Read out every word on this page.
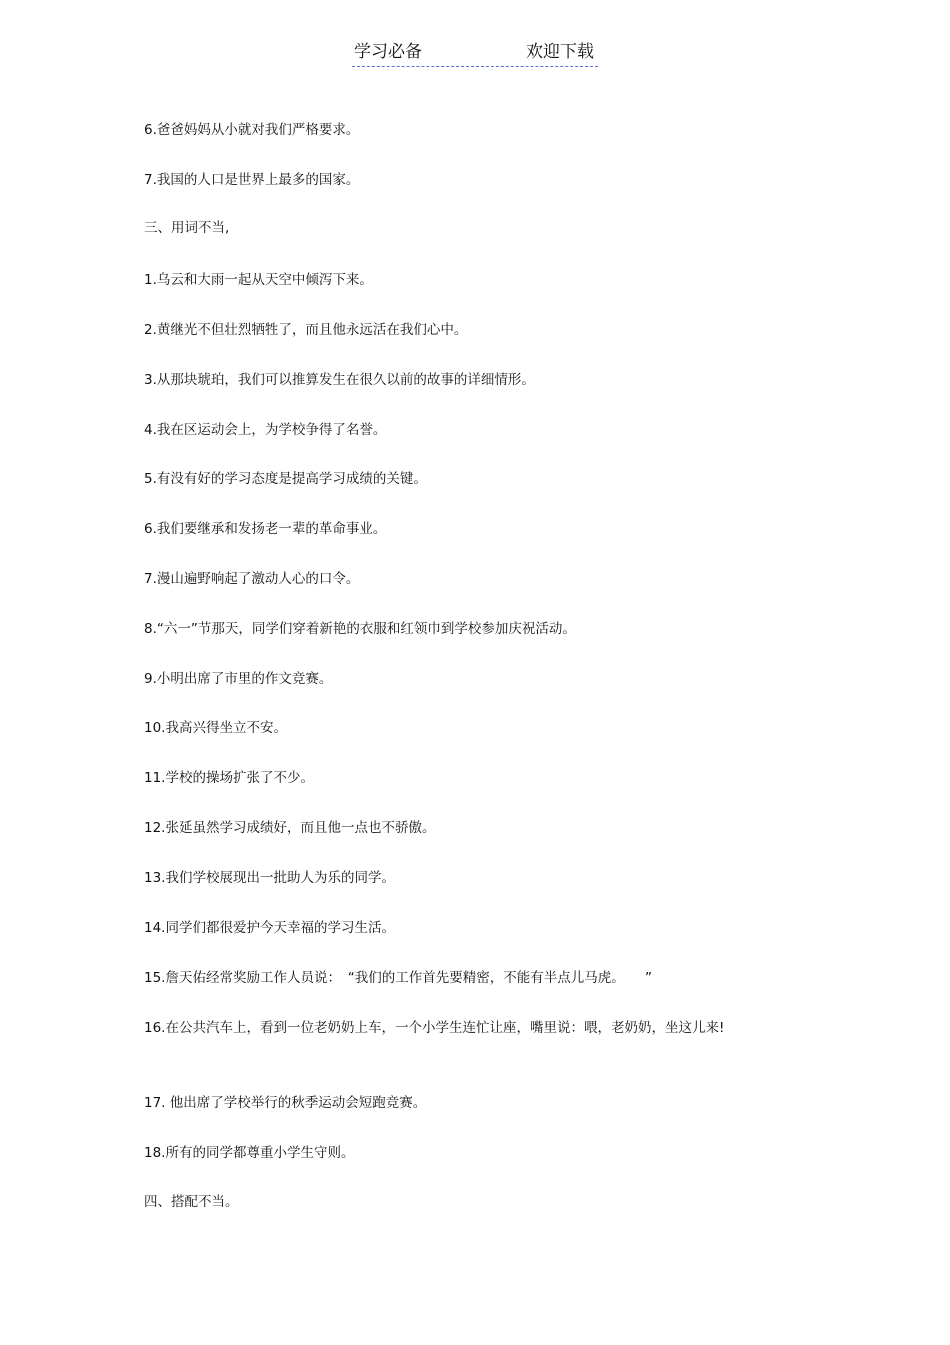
学习必备	欢迎下载
6.爸爸妈妈从小就对我们严格要求。
7.我国的人口是世界上最多的国家。
三、用词不当,
1.乌云和大雨一起从天空中倾泻下来。
2.黄继光不但壮烈牺牲了，而且他永远活在我们心中。
3.从那块琥珀，我们可以推算发生在很久以前的故事的详细情形。
4.我在区运动会上，为学校争得了名誉。
5.有没有好的学习态度是提高学习成绩的关键。
6.我们要继承和发扬老一辈的革命事业。
7.漫山遍野响起了激动人心的口令。
8.“六一”节那天，同学们穿着新艳的衣服和红领巾到学校参加庆祝活动。
9.小明出席了市里的作文竞赛。
10.我高兴得坐立不安。
11.学校的操场扩张了不少。
12.张延虽然学习成绩好，而且他一点也不骄傲。
13.我们学校展现出一批助人为乐的同学。
14.同学们都很爱护今天幸福的学习生活。
15.詹天佑经常奖励工作人员说：　“我们的工作首先要精密，不能有半点儿马虎。　　”
16.在公共汽车上，看到一位老奶奶上车，一个小学生连忙让座，嘴里说：喂，老奶奶，坐这儿来!
17. 他出席了学校举行的秋季运动会短跑竞赛。
18.所有的同学都尊重小学生守则。
四、搭配不当。
